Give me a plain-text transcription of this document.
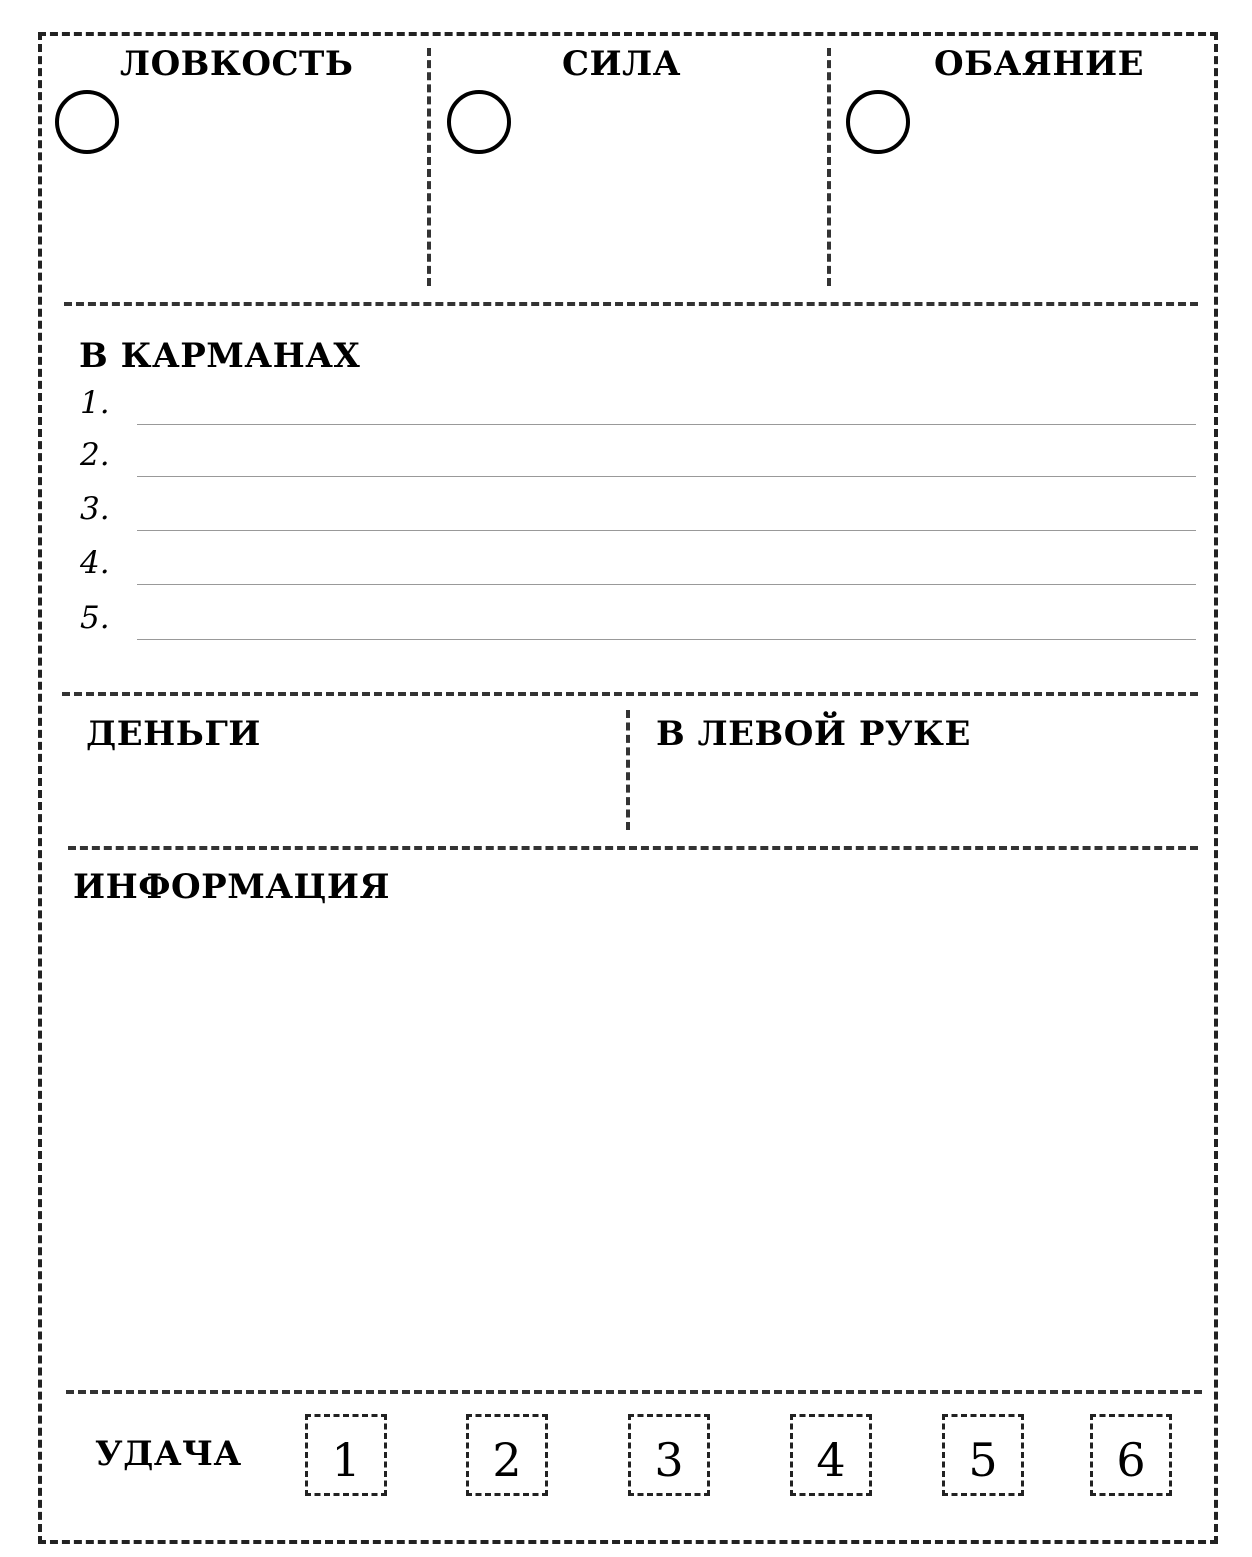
ЛОВКОСТЬ	СИЛА	ОБАЯНИЕ
В КАРМАНАХ
1.
2.
3.
4.
5.
ДЕНЬГИ	В ЛЕВОЙ РУКЕ
ИНФОРМАЦИЯ
УДАЧА	1	2	3	4	5	6
